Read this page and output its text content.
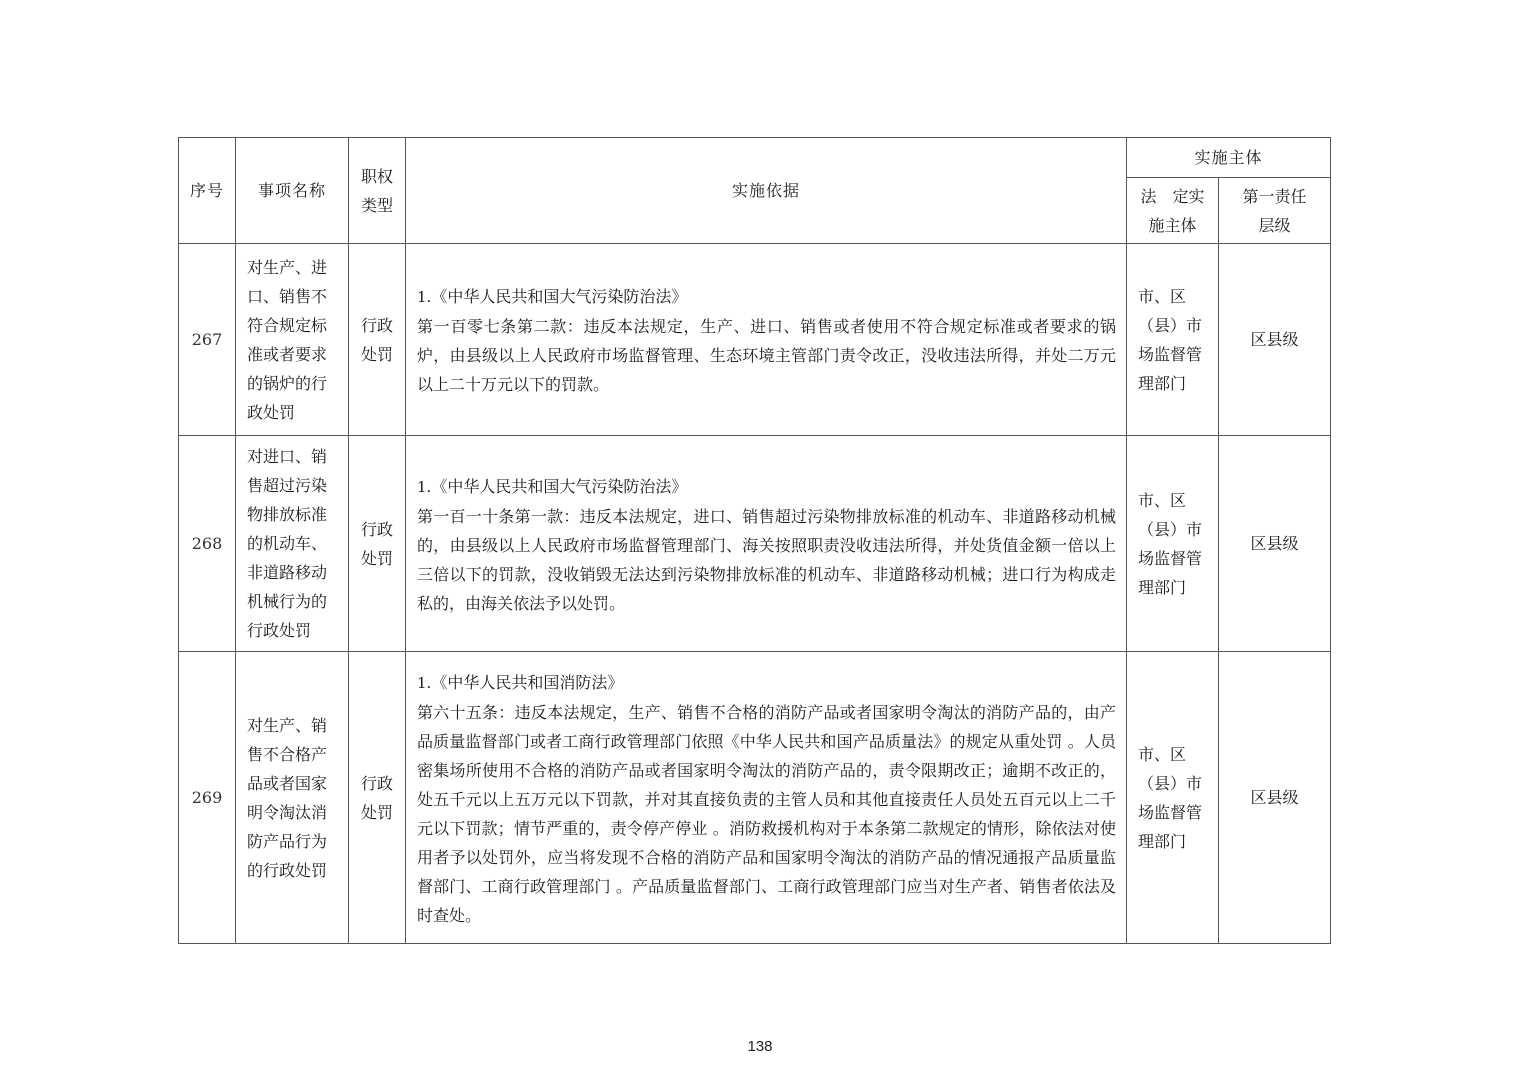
序号	事项名称	职权类型	实施依据	实施主体	
				法　定实施主体	第一责任层级
267	对生产、进口、销售不符合规定标准或者要求的锅炉的行政处罚	行政处罚	1.《中华人民共和国大气污染防治法》
第一百零七条第二款：违反本法规定，生产、进口、销售或者使用不符合规定标准或者要求的锅炉，由县级以上人民政府市场监督管理、生态环境主管部门责令改正，没收违法所得，并处二万元以上二十万元以下的罚款。	市、区（县）市场监督管理部门	区县级
268	对进口、销售超过污染物排放标准的机动车、非道路移动机械行为的行政处罚	行政处罚	1.《中华人民共和国大气污染防治法》
第一百一十条第一款：违反本法规定，进口、销售超过污染物排放标准的机动车、非道路移动机械的，由县级以上人民政府市场监督管理部门、海关按照职责没收违法所得，并处货值金额一倍以上三倍以下的罚款，没收销毁无法达到污染物排放标准的机动车、非道路移动机械；进口行为构成走私的，由海关依法予以处罚。	市、区（县）市场监督管理部门	区县级
269	对生产、销售不合格产品或者国家明令淘汰消防产品行为的行政处罚	行政处罚	1.《中华人民共和国消防法》
第六十五条：违反本法规定，生产、销售不合格的消防产品或者国家明令淘汰的消防产品的，由产品质量监督部门或者工商行政管理部门依照《中华人民共和国产品质量法》的规定从重处罚 。人员密集场所使用不合格的消防产品或者国家明令淘汰的消防产品的，责令限期改正；逾期不改正的，处五千元以上五万元以下罚款，并对其直接负责的主管人员和其他直接责任人员处五百元以上二千元以下罚款；情节严重的，责令停产停业 。消防救援机构对于本条第二款规定的情形，除依法对使用者予以处罚外，应当将发现不合格的消防产品和国家明令淘汰的消防产品的情况通报产品质量监督部门、工商行政管理部门 。产品质量监督部门、工商行政管理部门应当对生产者、销售者依法及时查处。	市、区（县）市场监督管理部门	区县级
138
